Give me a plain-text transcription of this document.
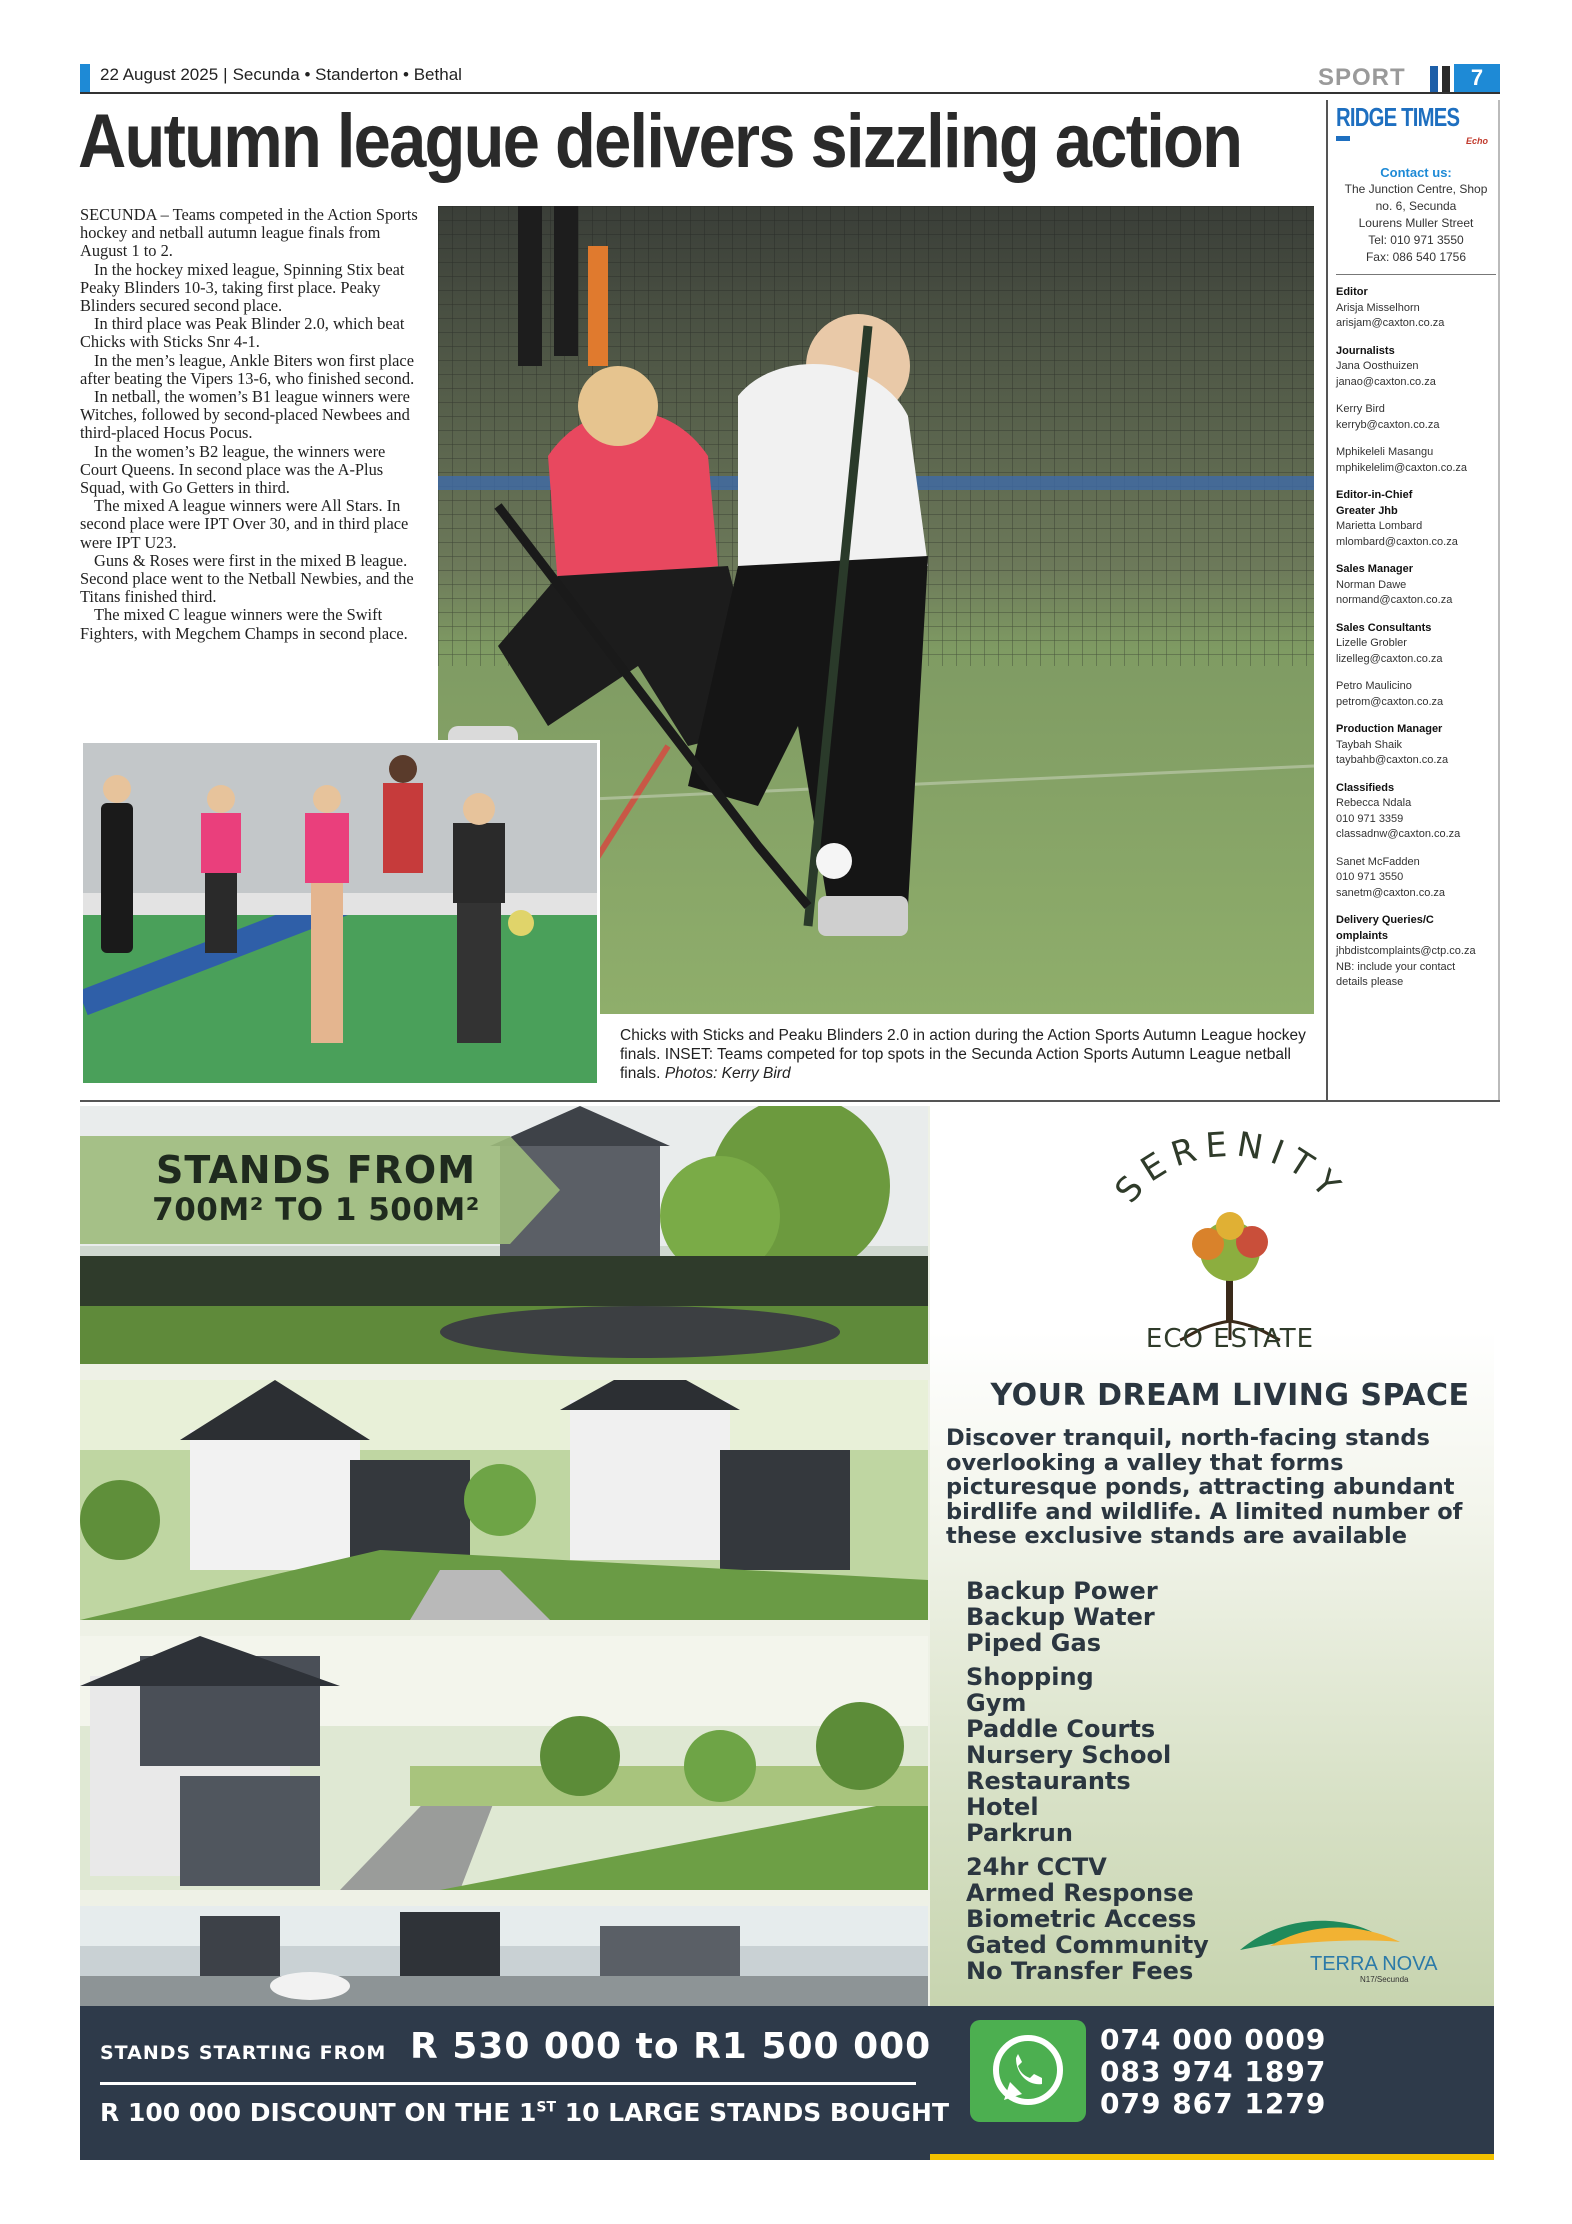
22 August 2025 | Secunda • Standerton • Bethal	SPORT	7
Autumn league delivers sizzling action

SECUNDA – Teams competed in the Action Sports hockey and netball autumn league finals from August 1 to 2.

In the hockey mixed league, Spinning Stix beat Peaky Blinders 10-3, taking first place. Peaky Blinders secured second place.

In third place was Peak Blinder 2.0, which beat Chicks with Sticks Snr 4-1.

In the men’s league, Ankle Biters won first place after beating the Vipers 13-6, who finished second.

In netball, the women’s B1 league winners were Witches, followed by second-placed Newbees and third-placed Hocus Pocus.

In the women’s B2 league, the winners were Court Queens. In second place was the A-Plus Squad, with Go Getters in third.

The mixed A league winners were All Stars. In second place were IPT Over 30, and in third place were IPT U23.

Guns & Roses were first in the mixed B league. Second place went to the Netball Newbies, and the Titans finished third.

The mixed C league winners were the Swift Fighters, with Megchem Champs in second place.

Chicks with Sticks and Peaku Blinders 2.0 in action during the Action Sports Autumn League hockey finals. INSET: Teams competed for top spots in the Secunda Action Sports Autumn League netball finals. Photos: Kerry Bird
RIDGE TIMES
Echo
Contact us:
The Junction Centre, Shop
no. 6, Secunda
Lourens Muller Street
Tel: 010 971 3550
Fax: 086 540 1756
Editor
Arisja Misselhorn
arisjam@caxton.co.za
Journalists
Jana Oosthuizen
janao@caxton.co.za
Kerry Bird
kerryb@caxton.co.za
Mphikeleli Masangu
mphikelelim@caxton.co.za
Editor-in-Chief
Greater Jhb
Marietta Lombard
mlombard@caxton.co.za
Sales Manager
Norman Dawe
normand@caxton.co.za
Sales Consultants
Lizelle Grobler
lizelleg@caxton.co.za
Petro Maulicino
petrom@caxton.co.za
Production Manager
Taybah Shaik
taybahb@caxton.co.za
Classifieds
Rebecca Ndala
010 971 3359
classadnw@caxton.co.za
Sanet McFadden
010 971 3550
sanetm@caxton.co.za
Delivery Queries/C
omplaints
jhbdistcomplaints@ctp.co.za
NB: include your contact
details please
STANDS FROM
700M² TO 1 500M²	SERENITY
ECO ESTATE
YOUR DREAM LIVING SPACE
Discover tranquil, north-facing stands overlooking a valley that forms picturesque ponds, attracting abundant birdlife and wildlife. A limited number of these exclusive stands are available
Backup Power
Backup Water
Piped Gas
Shopping
Gym
Paddle Courts
Nursery School
Restaurants
Hotel
Parkrun
24hr CCTV
Armed Response
Biometric Access
Gated Community
No Transfer Fees	TERRA NOVA
N17/Secunda
STANDS STARTING FROM R 530 000 to R1 500 000
R 100 000 DISCOUNT ON THE 1ST 10 LARGE STANDS BOUGHT
074 000 0009
083 974 1897
079 867 1279
